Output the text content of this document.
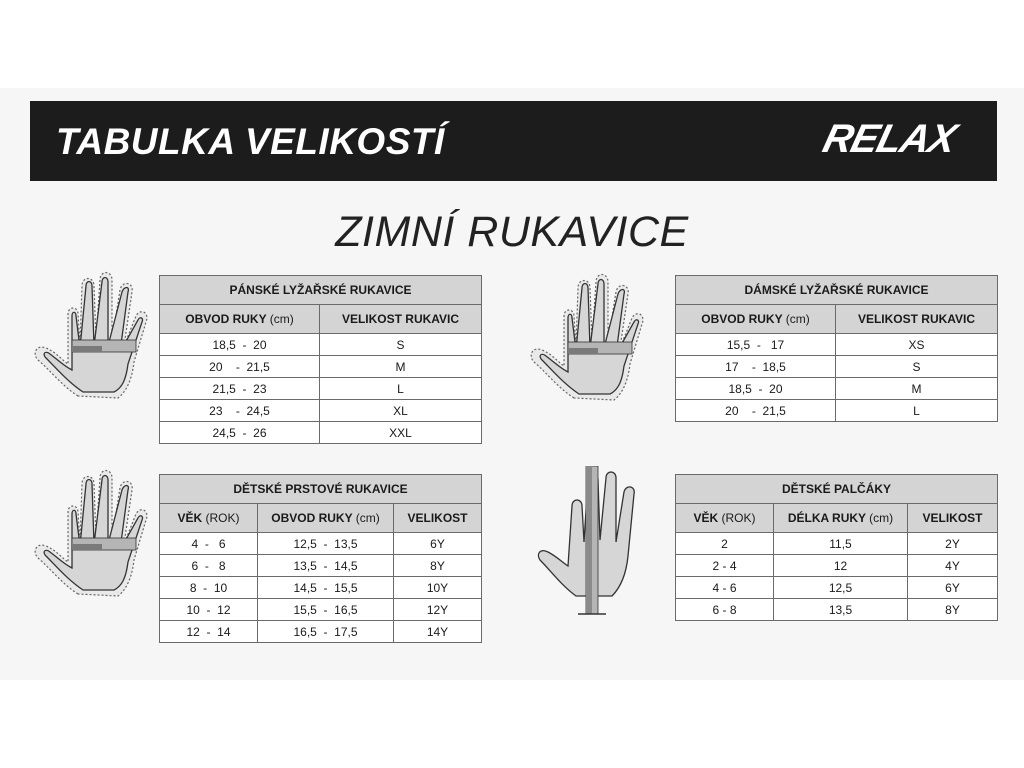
TABULKA VELIKOSTÍ	RELAX
ZIMNÍ RUKAVICE
PÁNSKÉ LYŽAŘSKÉ RUKAVICE	
OBVOD RUKY (cm)	VELIKOST RUKAVIC
18,5  -  20	S
20    -  21,5	M
21,5  -  23	L
23    -  24,5	XL
24,5  -  26	XXL
DÁMSKÉ LYŽAŘSKÉ RUKAVICE	
OBVOD RUKY (cm)	VELIKOST RUKAVIC
15,5  -   17	XS
17    -  18,5	S
18,5  -  20	M
20    -  21,5	L
DĚTSKÉ PRSTOVÉ RUKAVICE		
VĚK (ROK)	OBVOD RUKY (cm)	VELIKOST
4  -   6	12,5  -  13,5	6Y
6  -   8	13,5  -  14,5	8Y
8  -  10	14,5  -  15,5	10Y
10  -  12	15,5  -  16,5	12Y
12  -  14	16,5  -  17,5	14Y
DĚTSKÉ PALČÁKY		
VĚK (ROK)	DÉLKA RUKY (cm)	VELIKOST
2	11,5	2Y
2 - 4	12	4Y
4 - 6	12,5	6Y
6 - 8	13,5	8Y
